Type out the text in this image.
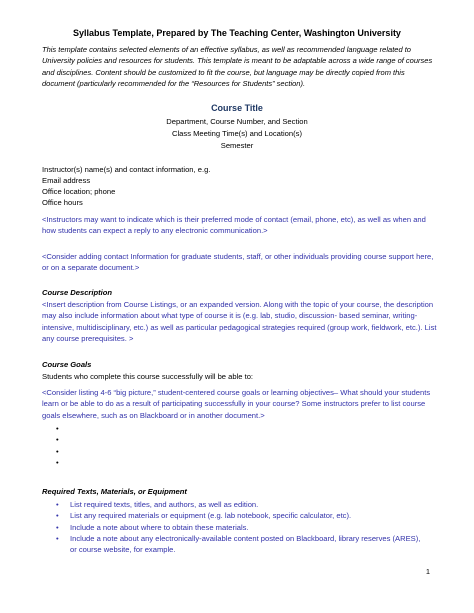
Syllabus Template, Prepared by The Teaching Center, Washington University

This template contains selected elements of an effective syllabus, as well as recommended language related to University policies and resources for students. This template is meant to be adaptable across a wide range of courses and disciplines. Content should be customized to fit the course, but language may be directly copied from this document (particularly recommended for the “Resources for Students” section).

Course Title
Department, Course Number, and Section
Class Meeting Time(s) and Location(s)
Semester
Instructor(s) name(s) and contact information, e.g.
Email address
Office location; phone
Office hours

<Instructors may want to indicate which is their preferred mode of contact (email, phone, etc), as well as when and how students can expect a reply to any electronic communication.>

<Consider adding contact Information for graduate students, staff, or other individuals providing course support here, or on a separate document.>

Course Description

<Insert description from Course Listings, or an expanded version. Along with the topic of your course, the description may also include information about what type of course it is (e.g. lab, studio, discussion- based seminar, writing-intensive, multidisciplinary, etc.) as well as particular pedagogical strategies required (group work, fieldwork, etc.). List any course prerequisites. >

Course Goals
Students who complete this course successfully will be able to:

<Consider listing 4-6 “big picture,” student-centered course goals or learning objectives– What should your students learn or be able to do as a result of participating successfully in your course? Some instructors prefer to list course goals elsewhere, such as on Blackboard or in another document.>

•
•
•
•
Required Texts, Materials, or Equipment
•	List required texts, titles, and authors, as well as edition.
•	List any required materials or equipment (e.g. lab notebook, specific calculator, etc).
•	Include a note about where to obtain these materials.
•	Include a note about any electronically-available content posted on Blackboard, library reserves (ARES), or course website, for example.
1
